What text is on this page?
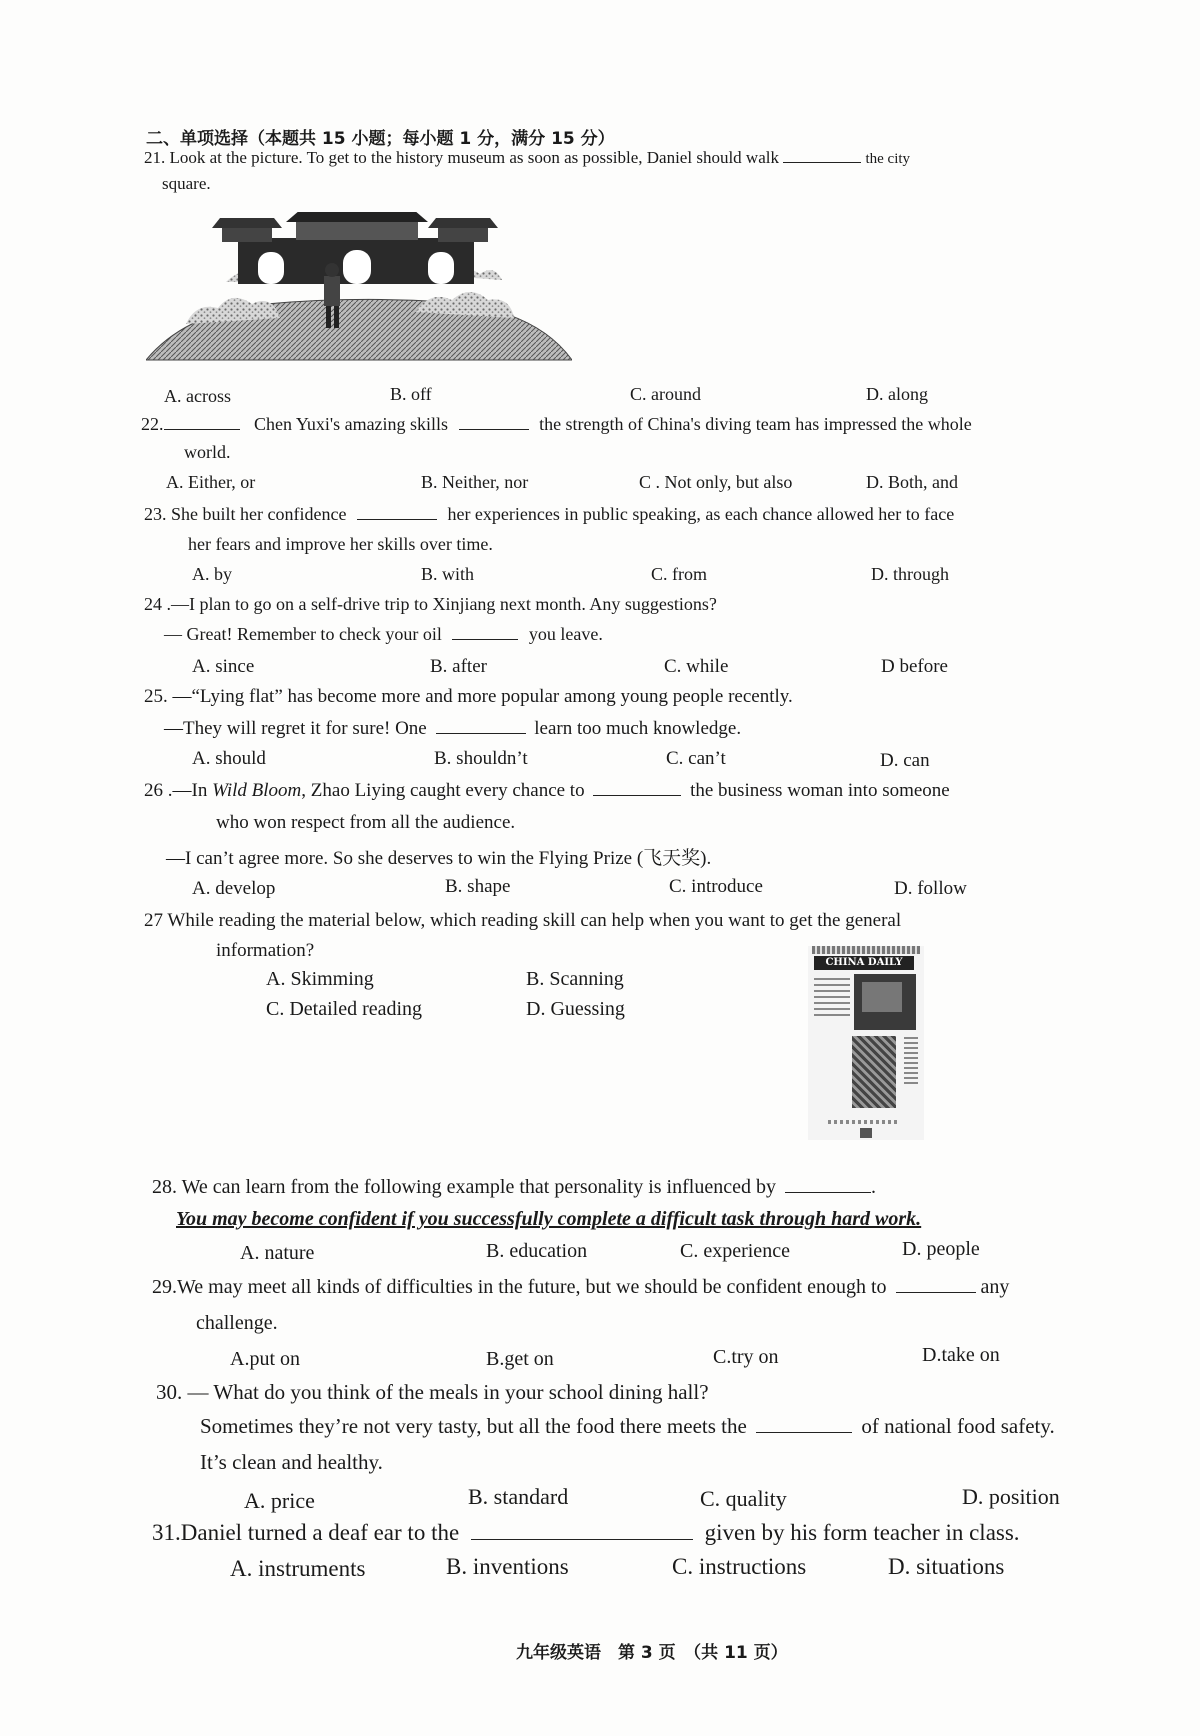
二、单项选择（本题共 15 小题；每小题 1 分，满分 15 分）
21. Look at the picture. To get to the history museum as soon as possible, Daniel should walk	the city
square.
A. across	B. off	C. around	D. along
22.	Chen Yuxi's amazing skills	the strength of China's diving team has impressed the whole
world.
A. Either, or	B. Neither, nor	C . Not only, but also	D. Both, and
23. She built her confidence	her experiences in public speaking, as each chance allowed her to face
her fears and improve her skills over time.
A. by	B. with	C. from	D. through
24 .—I plan to go on a self-drive trip to Xinjiang next month. Any suggestions?
— Great! Remember to check your oil	you leave.
A. since	B. after	C. while	D before
25. —“Lying flat” has become more and more popular among young people recently.
—They will regret it for sure! One	learn too much knowledge.
A. should	B. shouldn’t	C. can’t	D. can
26 .—In Wild Bloom, Zhao Liying caught every chance to	the business woman into someone
who won respect from all the audience.
—I can’t agree more. So she deserves to win the Flying Prize (飞天奖).
A. develop	B. shape	C. introduce	D. follow
27 While reading the material below, which reading skill can help when you want to get the general
information?
A. Skimming	B. Scanning
C. Detailed reading	D. Guessing
CHINA DAILY
28. We can learn from the following example that personality is influenced by	.
You may become confident if you successfully complete a difficult task through hard work.
A. nature	B. education	C. experience	D. people
29.We may meet all kinds of difficulties in the future, but we should be confident enough to	any
challenge.
A.put on	B.get on	C.try on	D.take on
30. — What do you think of the meals in your school dining hall?
Sometimes they’re not very tasty, but all the food there meets the	of national food safety.
It’s clean and healthy.
A. price	B. standard	C. quality	D. position
31.Daniel turned a deaf ear to the	given by his form teacher in class.
A. instruments	B. inventions	C. instructions	D. situations
九年级英语　第 3 页　（共 11 页）
